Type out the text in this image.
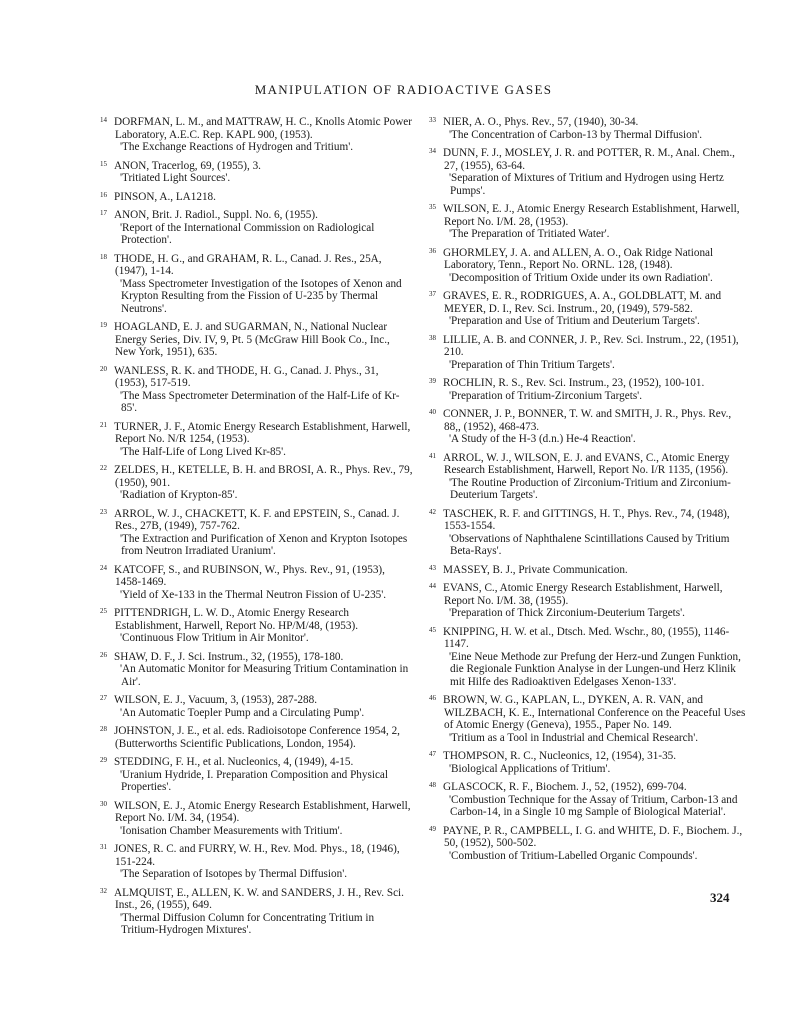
MANIPULATION OF RADIOACTIVE GASES
14 DORFMAN, L. M., and MATTRAW, H. C., Knolls Atomic Power Laboratory, A.E.C. Rep. KAPL 900, (1953).
'The Exchange Reactions of Hydrogen and Tritium'.
15 ANON, Tracerlog, 69, (1955), 3.
'Tritiated Light Sources'.
16 PINSON, A., LA1218.
17 ANON, Brit. J. Radiol., Suppl. No. 6, (1955).
'Report of the International Commission on Radiological Protection'.
18 THODE, H. G., and GRAHAM, R. L., Canad. J. Res., 25A, (1947), 1-14.
'Mass Spectrometer Investigation of the Isotopes of Xenon and Krypton Resulting from the Fission of U-235 by Thermal Neutrons'.
19 HOAGLAND, E. J. and SUGARMAN, N., National Nuclear Energy Series, Div. IV, 9, Pt. 5 (McGraw Hill Book Co., Inc., New York, 1951), 635.
20 WANLESS, R. K. and THODE, H. G., Canad. J. Phys., 31, (1953), 517-519.
'The Mass Spectrometer Determination of the Half-Life of Kr-85'.
21 TURNER, J. F., Atomic Energy Research Establishment, Harwell, Report No. N/R 1254, (1953).
'The Half-Life of Long Lived Kr-85'.
22 ZELDES, H., KETELLE, B. H. and BROSI, A. R., Phys. Rev., 79, (1950), 901.
'Radiation of Krypton-85'.
23 ARROL, W. J., CHACKETT, K. F. and EPSTEIN, S., Canad. J. Res., 27B, (1949), 757-762.
'The Extraction and Purification of Xenon and Krypton Isotopes from Neutron Irradiated Uranium'.
24 KATCOFF, S., and RUBINSON, W., Phys. Rev., 91, (1953), 1458-1469.
'Yield of Xe-133 in the Thermal Neutron Fission of U-235'.
25 PITTENDRIGH, L. W. D., Atomic Energy Research Establishment, Harwell, Report No. HP/M/48, (1953).
'Continuous Flow Tritium in Air Monitor'.
26 SHAW, D. F., J. Sci. Instrum., 32, (1955), 178-180.
'An Automatic Monitor for Measuring Tritium Contamination in Air'.
27 WILSON, E. J., Vacuum, 3, (1953), 287-288.
'An Automatic Toepler Pump and a Circulating Pump'.
28 JOHNSTON, J. E., et al. eds. Radioisotope Conference 1954, 2, (Butterworths Scientific Publications, London, 1954).
29 STEDDING, F. H., et al. Nucleonics, 4, (1949), 4-15.
'Uranium Hydride, I. Preparation Composition and Physical Properties'.
30 WILSON, E. J., Atomic Energy Research Establishment, Harwell, Report No. I/M. 34, (1954).
'Ionisation Chamber Measurements with Tritium'.
31 JONES, R. C. and FURRY, W. H., Rev. Mod. Phys., 18, (1946), 151-224.
'The Separation of Isotopes by Thermal Diffusion'.
32 ALMQUIST, E., ALLEN, K. W. and SANDERS, J. H., Rev. Sci. Inst., 26, (1955), 649.
'Thermal Diffusion Column for Concentrating Tritium in Tritium-Hydrogen Mixtures'.
33 NIER, A. O., Phys. Rev., 57, (1940), 30-34.
'The Concentration of Carbon-13 by Thermal Diffusion'.
34 DUNN, F. J., MOSLEY, J. R. and POTTER, R. M., Anal. Chem., 27, (1955), 63-64.
'Separation of Mixtures of Tritium and Hydrogen using Hertz Pumps'.
35 WILSON, E. J., Atomic Energy Research Establishment, Harwell, Report No. I/M. 28, (1953).
'The Preparation of Tritiated Water'.
36 GHORMLEY, J. A. and ALLEN, A. O., Oak Ridge National Laboratory, Tenn., Report No. ORNL. 128, (1948).
'Decomposition of Tritium Oxide under its own Radiation'.
37 GRAVES, E. R., RODRIGUES, A. A., GOLDBLATT, M. and MEYER, D. I., Rev. Sci. Instrum., 20, (1949), 579-582.
'Preparation and Use of Tritium and Deuterium Targets'.
38 LILLIE, A. B. and CONNER, J. P., Rev. Sci. Instrum., 22, (1951), 210.
'Preparation of Thin Tritium Targets'.
39 ROCHLIN, R. S., Rev. Sci. Instrum., 23, (1952), 100-101.
'Preparation of Tritium-Zirconium Targets'.
40 CONNER, J. P., BONNER, T. W. and SMITH, J. R., Phys. Rev., 88,, (1952), 468-473.
'A Study of the H-3 (d.n.) He-4 Reaction'.
41 ARROL, W. J., WILSON, E. J. and EVANS, C., Atomic Energy Research Establishment, Harwell, Report No. I/R 1135, (1956).
'The Routine Production of Zirconium-Tritium and Zirconium-Deuterium Targets'.
42 TASCHEK, R. F. and GITTINGS, H. T., Phys. Rev., 74, (1948), 1553-1554.
'Observations of Naphthalene Scintillations Caused by Tritium Beta-Rays'.
43 MASSEY, B. J., Private Communication.
44 EVANS, C., Atomic Energy Research Establishment, Harwell, Report No. I/M. 38, (1955).
'Preparation of Thick Zirconium-Deuterium Targets'.
45 KNIPPING, H. W. et al., Dtsch. Med. Wschr., 80, (1955), 1146-1147.
'Eine Neue Methode zur Prefung der Herz-und Zungen Funktion, die Regionale Funktion Analyse in der Lungen-und Herz Klinik mit Hilfe des Radioaktiven Edelgases Xenon-133'.
46 BROWN, W. G., KAPLAN, L., DYKEN, A. R. VAN, and WILZBACH, K. E., International Conference on the Peaceful Uses of Atomic Energy (Geneva), 1955., Paper No. 149.
'Tritium as a Tool in Industrial and Chemical Research'.
47 THOMPSON, R. C., Nucleonics, 12, (1954), 31-35.
'Biological Applications of Tritium'.
48 GLASCOCK, R. F., Biochem. J., 52, (1952), 699-704.
'Combustion Technique for the Assay of Tritium, Carbon-13 and Carbon-14, in a Single 10 mg Sample of Biological Material'.
49 PAYNE, P. R., CAMPBELL, I. G. and WHITE, D. F., Biochem. J., 50, (1952), 500-502.
'Combustion of Tritium-Labelled Organic Compounds'.
324
